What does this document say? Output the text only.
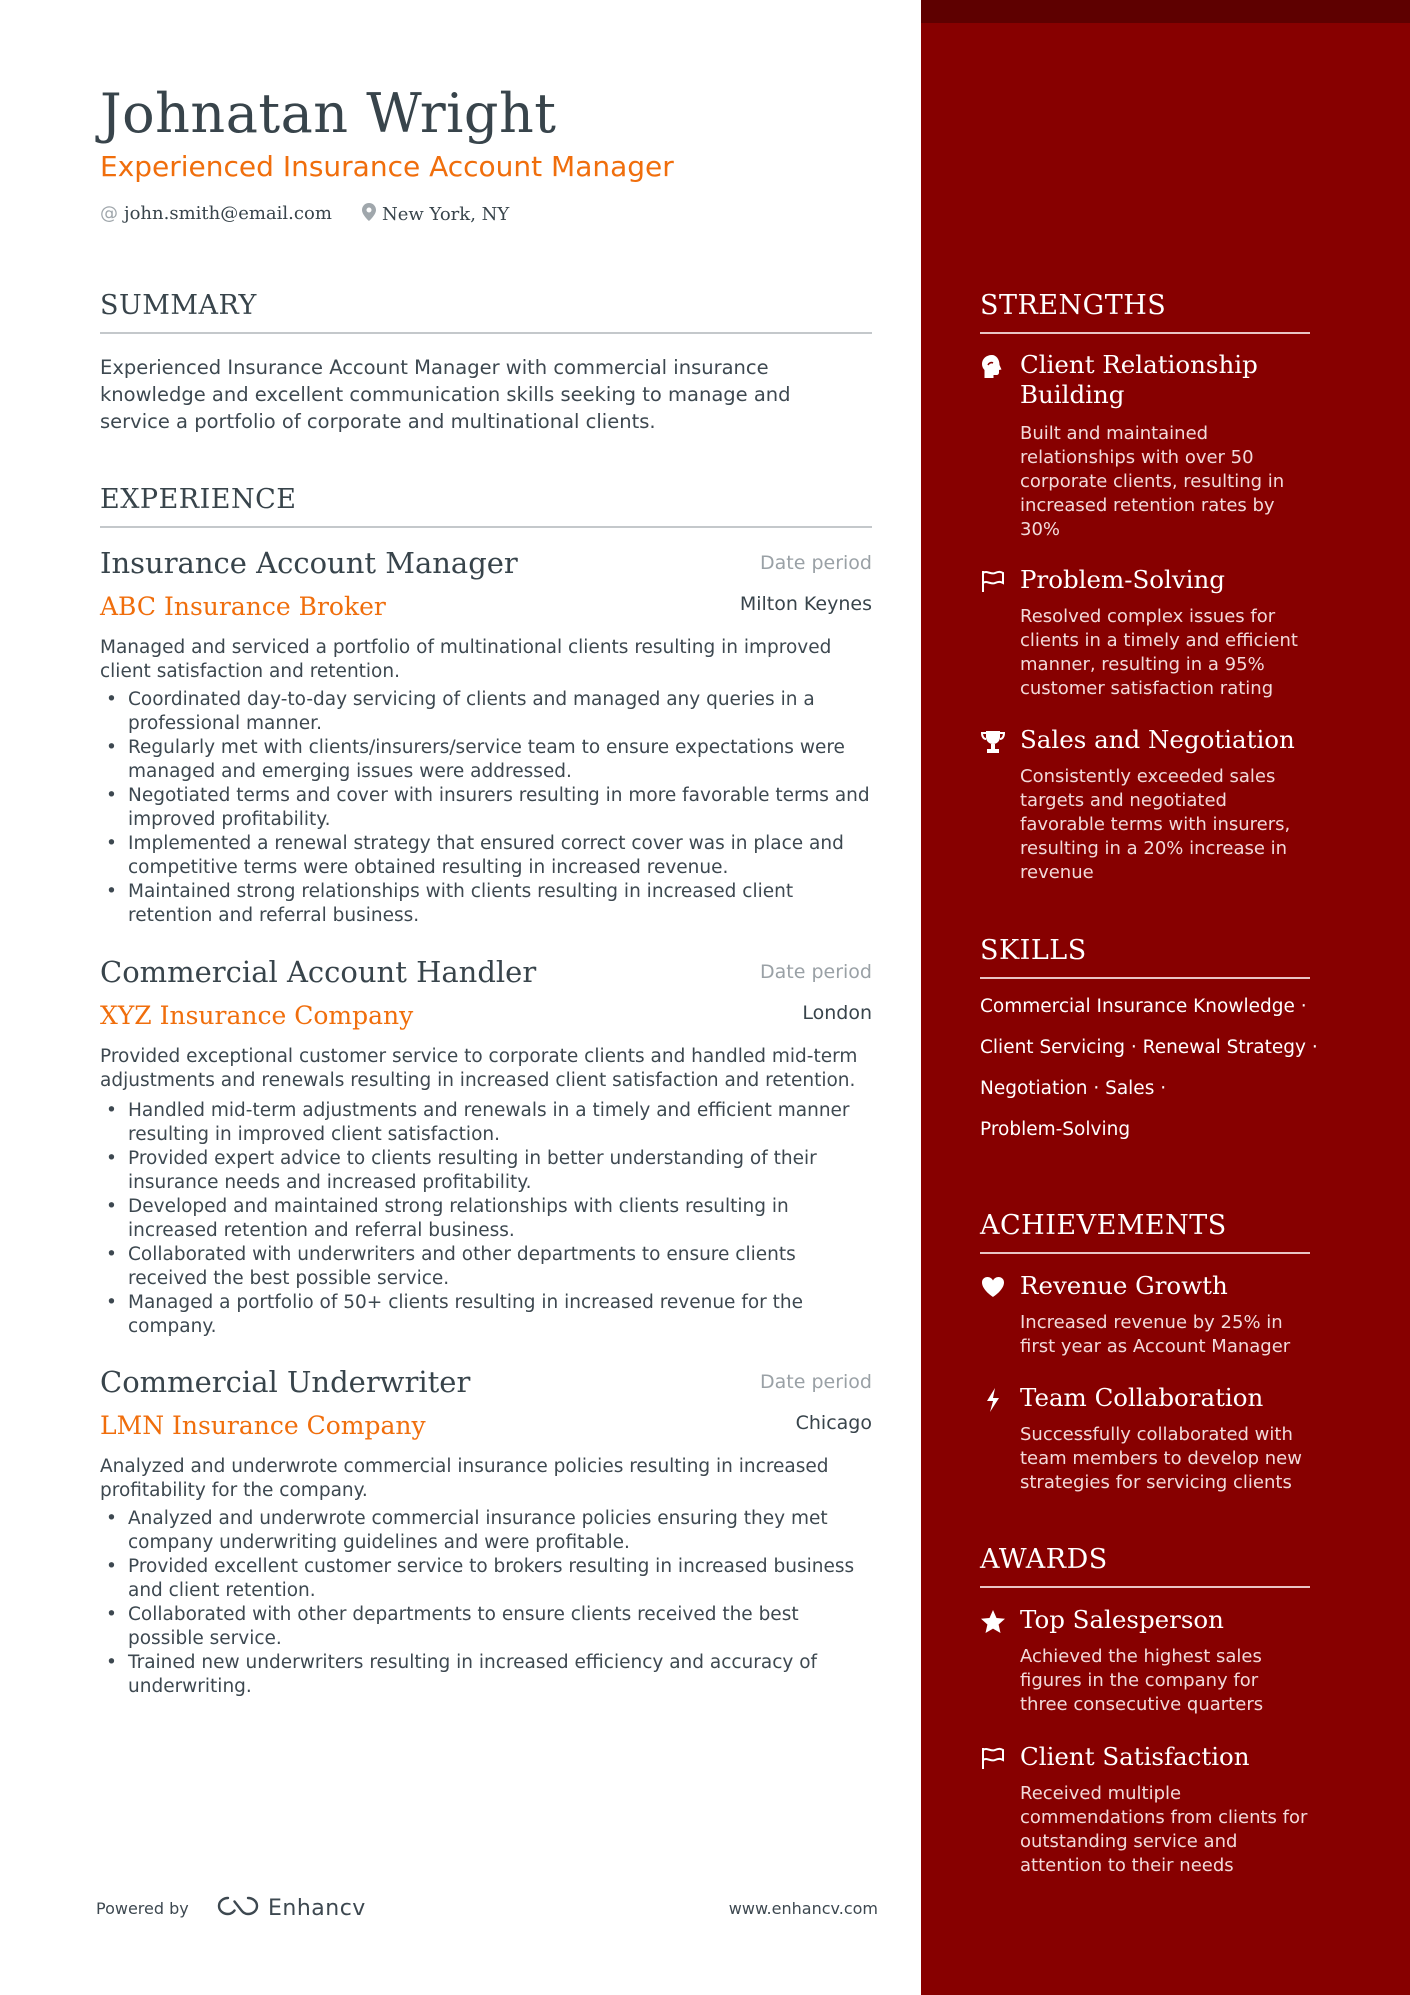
Johnatan Wright
Experienced Insurance Account Manager
@ john.smith@email.com	New York, NY
SUMMARY
Experienced Insurance Account Manager with commercial insurance knowledge and excellent communication skills seeking to manage and service a portfolio of corporate and multinational clients.
EXPERIENCE
Insurance Account Manager	Date period
ABC Insurance Broker	Milton Keynes
Managed and serviced a portfolio of multinational clients resulting in improved client satisfaction and retention.
• Coordinated day-to-day servicing of clients and managed any queries in a professional manner.
• Regularly met with clients/insurers/service team to ensure expectations were managed and emerging issues were addressed.
• Negotiated terms and cover with insurers resulting in more favorable terms and improved profitability.
• Implemented a renewal strategy that ensured correct cover was in place and competitive terms were obtained resulting in increased revenue.
• Maintained strong relationships with clients resulting in increased client retention and referral business.
Commercial Account Handler	Date period
XYZ Insurance Company	London
Provided exceptional customer service to corporate clients and handled mid-term adjustments and renewals resulting in increased client satisfaction and retention.
• Handled mid-term adjustments and renewals in a timely and efficient manner resulting in improved client satisfaction.
• Provided expert advice to clients resulting in better understanding of their insurance needs and increased profitability.
• Developed and maintained strong relationships with clients resulting in increased retention and referral business.
• Collaborated with underwriters and other departments to ensure clients received the best possible service.
• Managed a portfolio of 50+ clients resulting in increased revenue for the company.
Commercial Underwriter	Date period
LMN Insurance Company	Chicago
Analyzed and underwrote commercial insurance policies resulting in increased profitability for the company.
• Analyzed and underwrote commercial insurance policies ensuring they met company underwriting guidelines and were profitable.
• Provided excellent customer service to brokers resulting in increased business and client retention.
• Collaborated with other departments to ensure clients received the best possible service.
• Trained new underwriters resulting in increased efficiency and accuracy of underwriting.
STRENGTHS
Client Relationship Building
Built and maintained relationships with over 50 corporate clients, resulting in increased retention rates by 30%
Problem-Solving
Resolved complex issues for clients in a timely and efficient manner, resulting in a 95% customer satisfaction rating
Sales and Negotiation
Consistently exceeded sales targets and negotiated favorable terms with insurers, resulting in a 20% increase in revenue
SKILLS
Commercial Insurance Knowledge ·
Client Servicing · Renewal Strategy ·
Negotiation · Sales ·
Problem-Solving
ACHIEVEMENTS
Revenue Growth
Increased revenue by 25% in first year as Account Manager
Team Collaboration
Successfully collaborated with team members to develop new strategies for servicing clients
AWARDS
Top Salesperson
Achieved the highest sales figures in the company for three consecutive quarters
Client Satisfaction
Received multiple commendations from clients for outstanding service and attention to their needs
Powered by	Enhancv	www.enhancv.com
